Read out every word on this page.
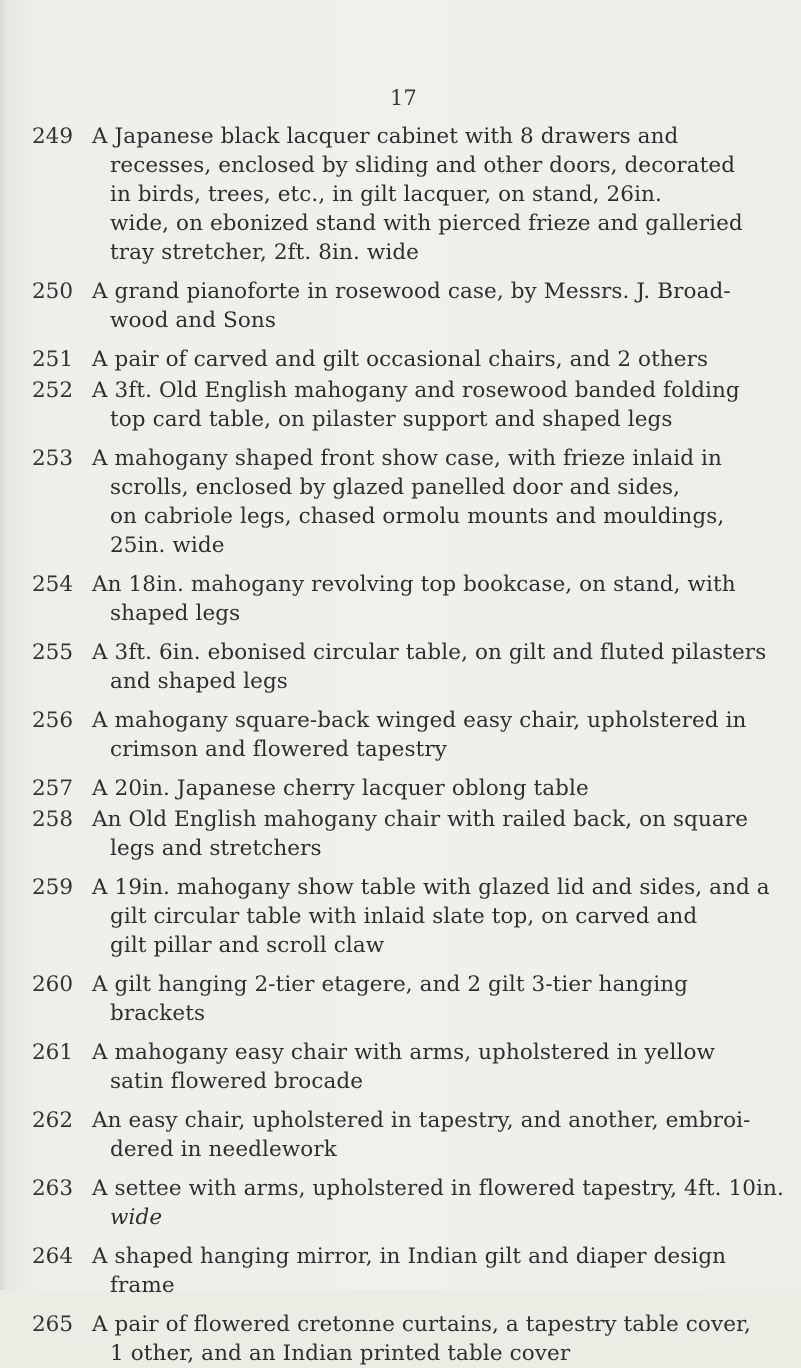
17
249 A Japanese black lacquer cabinet with 8 drawers and
recesses, enclosed by sliding and other doors, decorated
in birds, trees, etc., in gilt lacquer, on stand, 26in.
wide, on ebonized stand with pierced frieze and galleried
tray stretcher, 2ft. 8in. wide
250 A grand pianoforte in rosewood case, by Messrs. J. Broad-
wood and Sons
251 A pair of carved and gilt occasional chairs, and 2 others
252 A 3ft. Old English mahogany and rosewood banded folding
top card table, on pilaster support and shaped legs
253 A mahogany shaped front show case, with frieze inlaid in
scrolls, enclosed by glazed panelled door and sides,
on cabriole legs, chased ormolu mounts and mouldings,
25in. wide
254 An 18in. mahogany revolving top bookcase, on stand, with
shaped legs
255 A 3ft. 6in. ebonised circular table, on gilt and fluted pilasters
and shaped legs
256 A mahogany square-back winged easy chair, upholstered in
crimson and flowered tapestry
257 A 20in. Japanese cherry lacquer oblong table
258 An Old English mahogany chair with railed back, on square
legs and stretchers
259 A 19in. mahogany show table with glazed lid and sides, and a
gilt circular table with inlaid slate top, on carved and
gilt pillar and scroll claw
260 A gilt hanging 2-tier etagere, and 2 gilt 3-tier hanging
brackets
261 A mahogany easy chair with arms, upholstered in yellow
satin flowered brocade
262 An easy chair, upholstered in tapestry, and another, embroi-
dered in needlework
263 A settee with arms, upholstered in flowered tapestry, 4ft. 10in.
wide
264 A shaped hanging mirror, in Indian gilt and diaper design
frame
265 A pair of flowered cretonne curtains, a tapestry table cover,
1 other, and an Indian printed table cover
